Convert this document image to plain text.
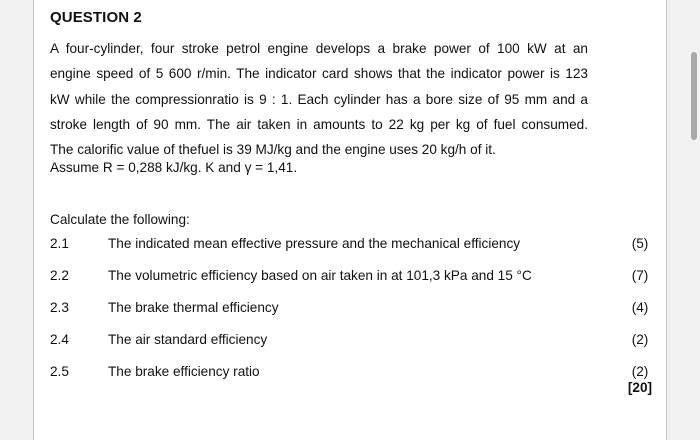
QUESTION 2
A four-cylinder, four stroke petrol engine develops a brake power of 100 kW at an
engine speed of 5 600 r/min. The indicator card shows that the indicator power is 123
kW while the compressionratio is 9 : 1. Each cylinder has a bore size of 95 mm and a
stroke length of 90 mm. The air taken in amounts to 22 kg per kg of fuel consumed.
The calorific value of thefuel is 39 MJ/kg and the engine uses 20 kg/h of it.
Assume R = 0,288 kJ/kg. K and γ = 1,41.
Calculate the following:
2.1	The indicated mean effective pressure and the mechanical efficiency	(5)
2.2	The volumetric efficiency based on air taken in at 101,3 kPa and 15 °C	(7)
2.3	The brake thermal efficiency	(4)
2.4	The air standard efficiency	(2)
2.5	The brake efficiency ratio	(2)
[20]
